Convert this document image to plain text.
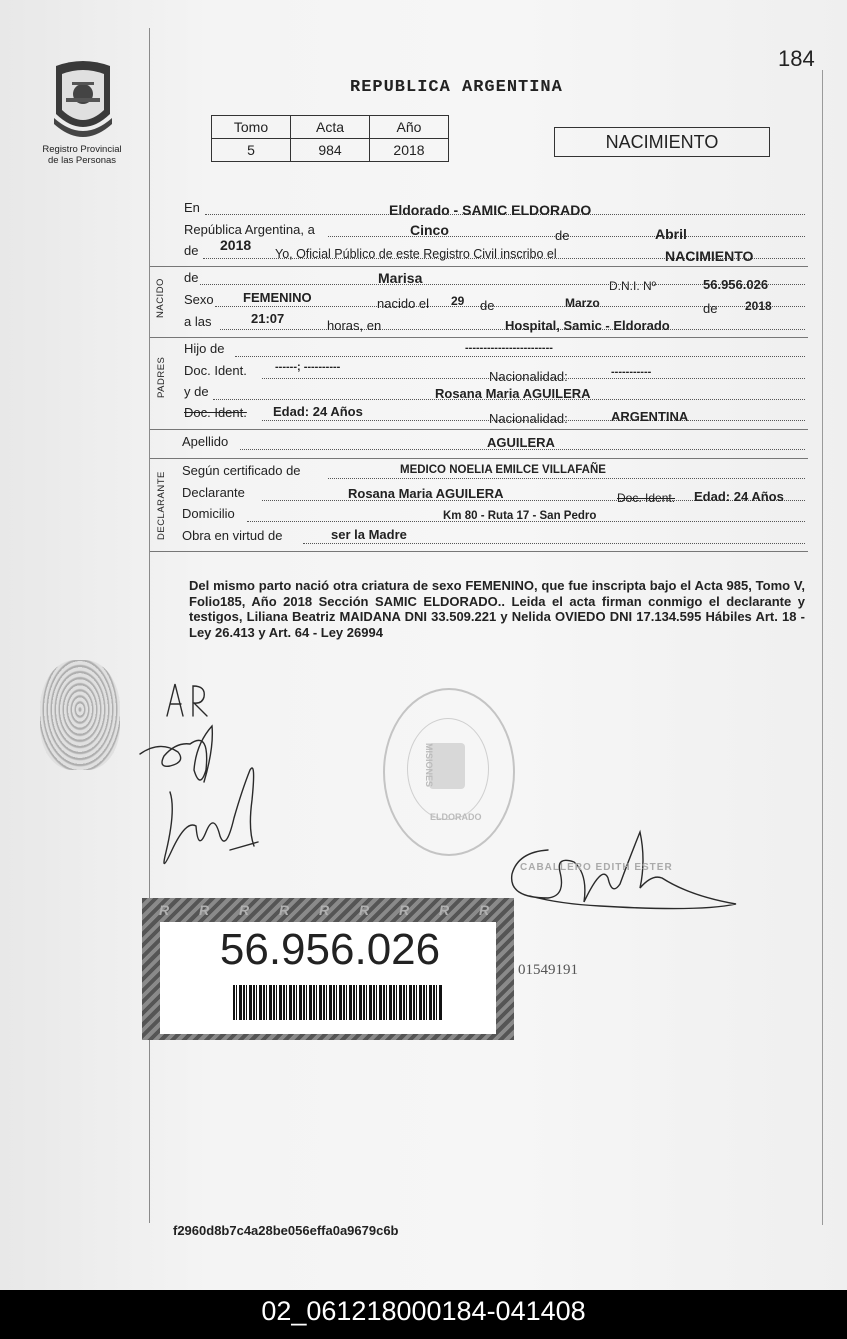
184
Registro Provincial
de las Personas
REPUBLICA ARGENTINA
Tomo	Acta	Año
5	984	2018	NACIMIENTO
En	Eldorado - SAMIC ELDORADO
República Argentina, a	Cinco	de	Abril
de 2018
Yo, Oficial Público de este Registro Civil inscribo el	NACIMIENTO
NACIDO
de	Marisa	D.N.I. Nº	56.956.026
Sexo FEMENINO	nacido el 29 de	Marzo	de 2018
a las	21:07	horas, en	Hospital, Samic - Eldorado
PADRES
Hijo de	------------------------
Doc. Ident.	------; ----------
Nacionalidad:	-----------
y de	Rosana Maria AGUILERA
Doc. Ident. Edad: 24 Años	Nacionalidad:	ARGENTINA
Apellido	AGUILERA
DECLARANTE
Según certificado de	MEDICO NOELIA EMILCE VILLAFAÑE
Declarante	Rosana Maria AGUILERA	Doc. Ident. Edad: 24 Años
Domicilio	Km 80 - Ruta 17 - San Pedro
Obra en virtud de	ser la Madre
Del mismo parto nació otra criatura de sexo FEMENINO, que fue inscripta bajo el Acta 985, Tomo V, Folio185, Año 2018 Sección SAMIC ELDORADO.. Leida el acta firman conmigo el declarante y testigos, Liliana Beatriz MAIDANA DNI 33.509.221 y Nelida OVIEDO DNI 17.134.595 Hábiles Art. 18 - Ley 26.413 y Art. 64 - Ley 26994
CABALLERO EDITH ESTER
MISIONES
ELDORADO
R	R	R	R	R	R	R	R	R
56.956.026	01549191
f2960d8b7c4a28be056effa0a9679c6b
02_061218000184-041408
